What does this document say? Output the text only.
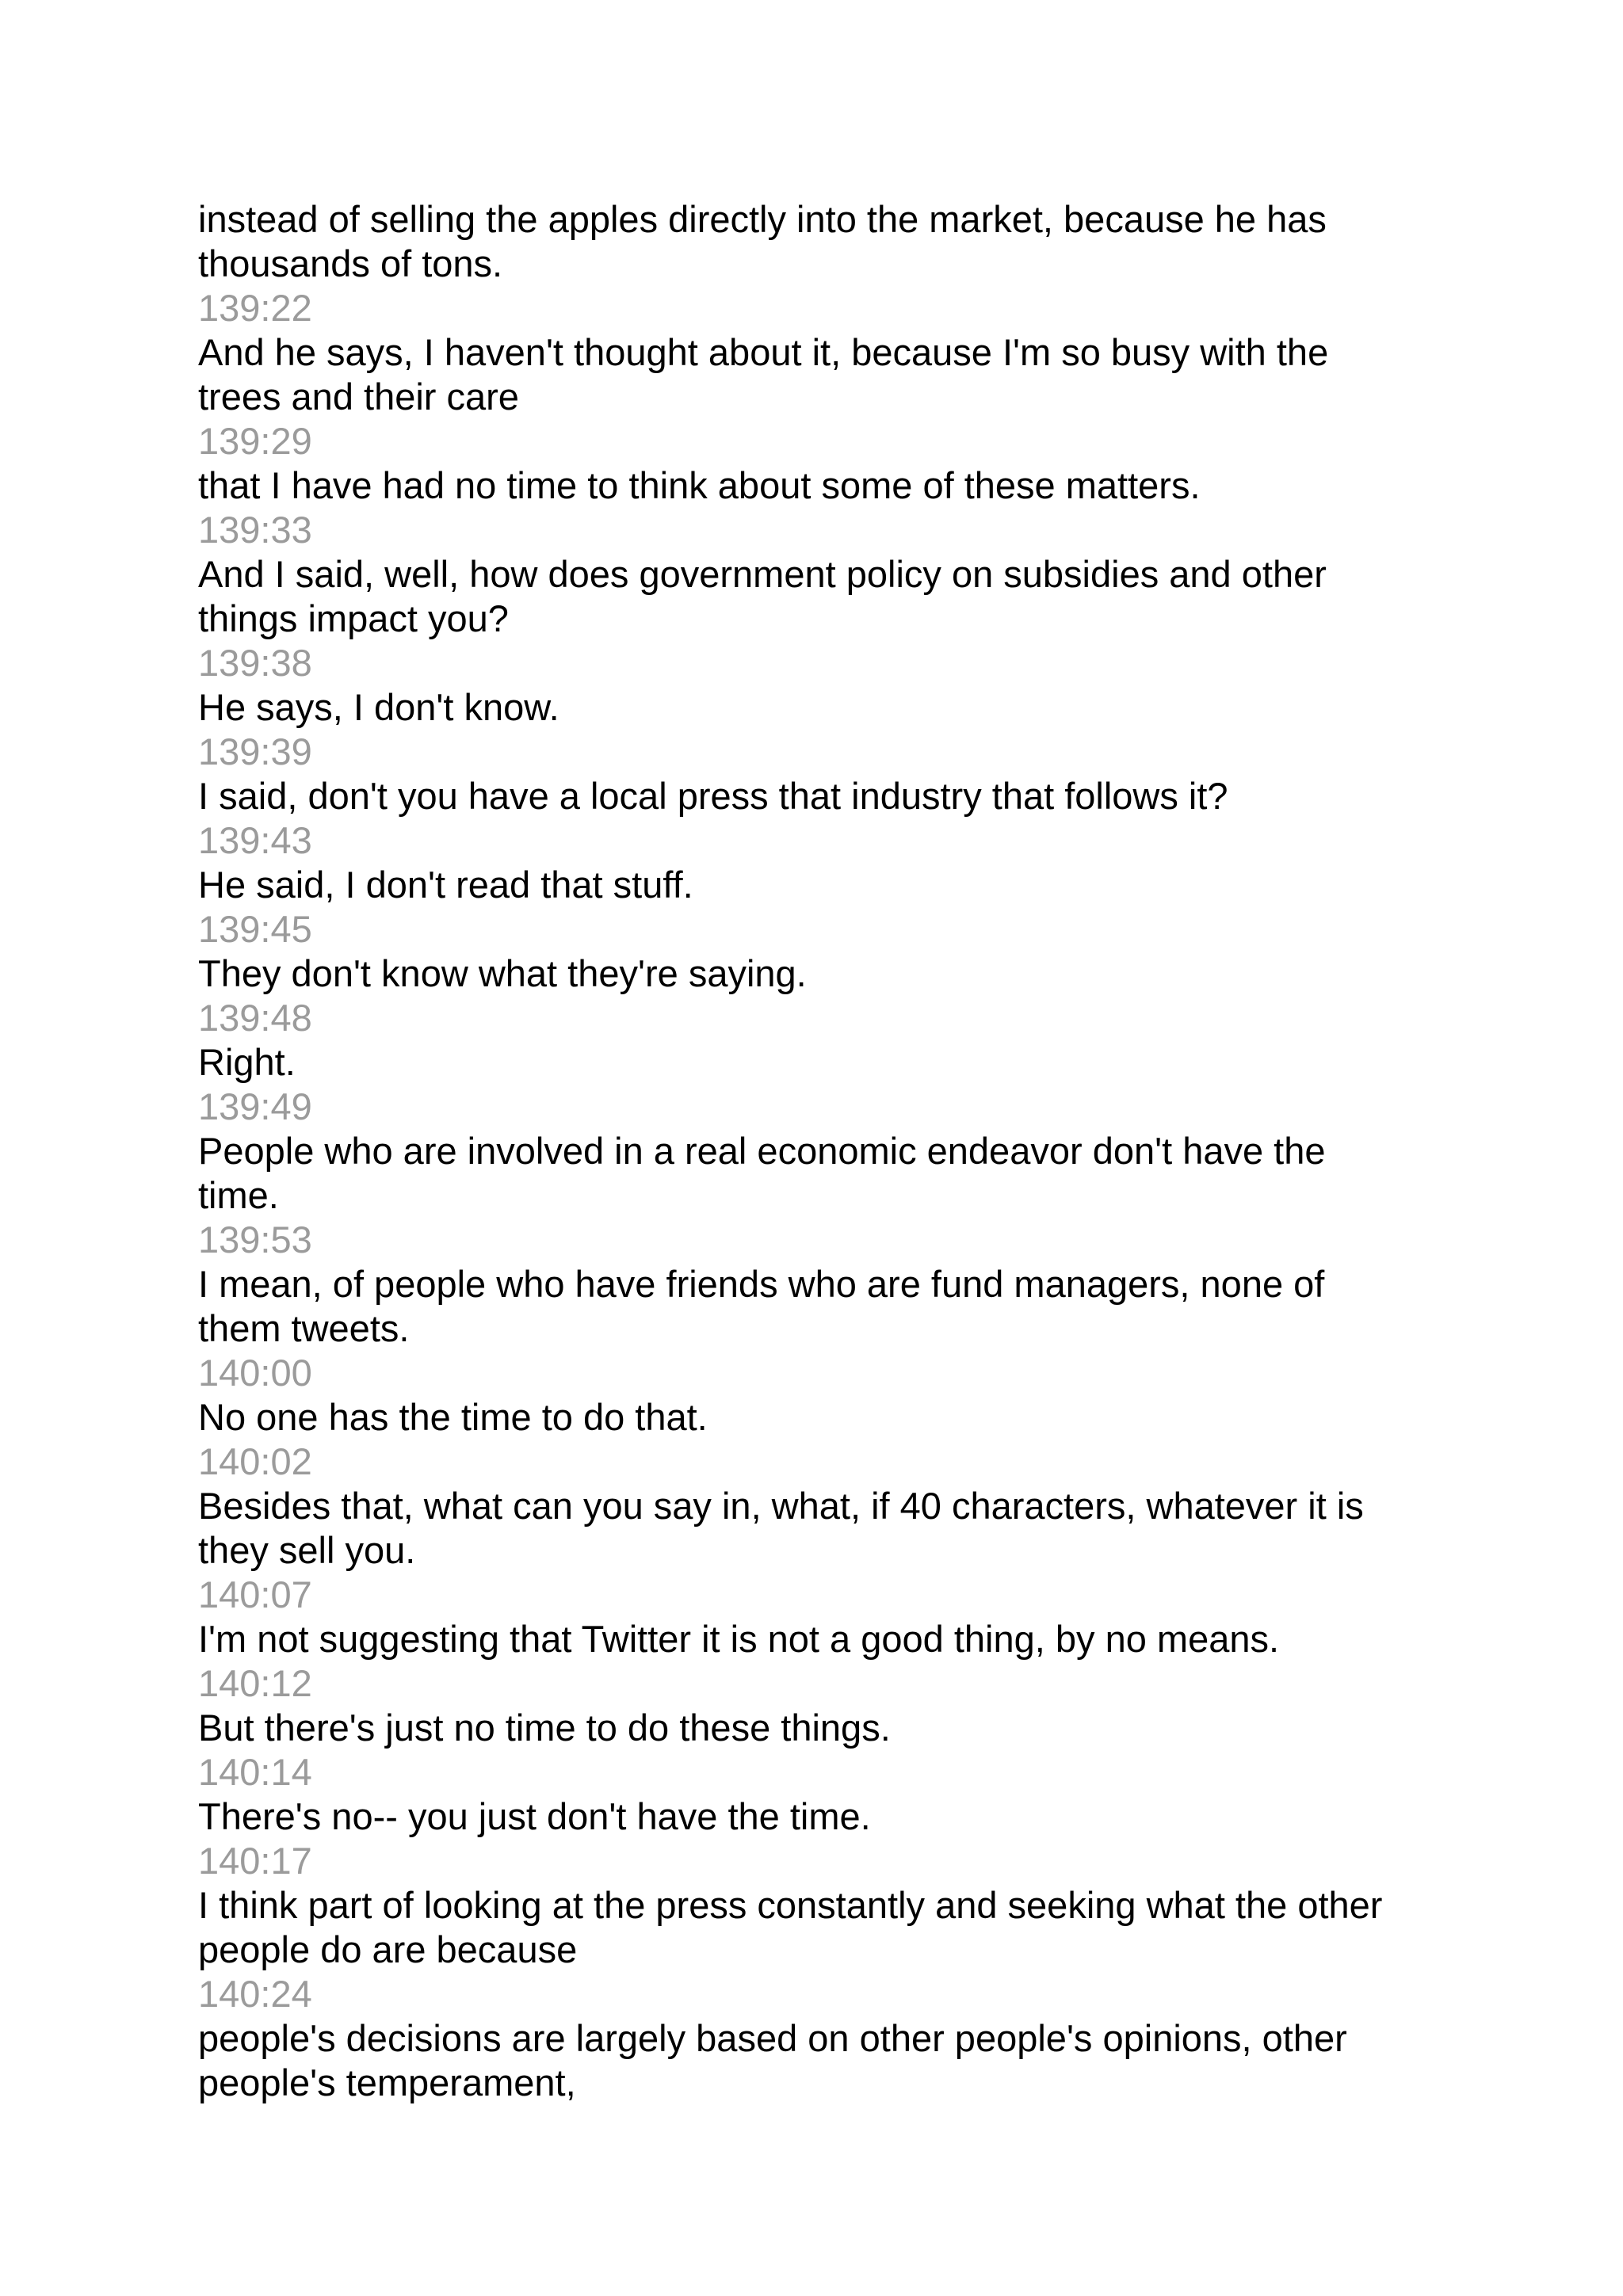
instead of selling the apples directly into the market, because he has
thousands of tons.
139:22
And he says, I haven't thought about it, because I'm so busy with the
trees and their care
139:29
that I have had no time to think about some of these matters.
139:33
And I said, well, how does government policy on subsidies and other
things impact you?
139:38
He says, I don't know.
139:39
I said, don't you have a local press that industry that follows it?
139:43
He said, I don't read that stuff.
139:45
They don't know what they're saying.
139:48
Right.
139:49
People who are involved in a real economic endeavor don't have the
time.
139:53
I mean, of people who have friends who are fund managers, none of
them tweets.
140:00
No one has the time to do that.
140:02
Besides that, what can you say in, what, if 40 characters, whatever it is
they sell you.
140:07
I'm not suggesting that Twitter it is not a good thing, by no means.
140:12
But there's just no time to do these things.
140:14
There's no-- you just don't have the time.
140:17
I think part of looking at the press constantly and seeking what the other
people do are because
140:24
people's decisions are largely based on other people's opinions, other
people's temperament,
